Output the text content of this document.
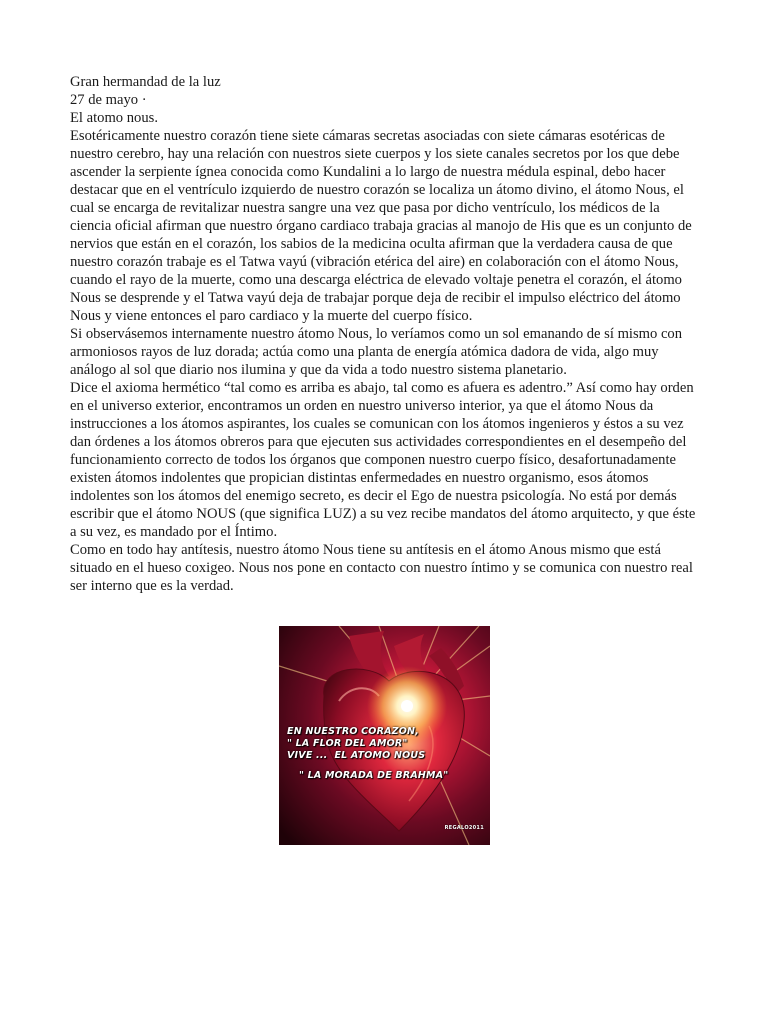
Gran hermandad de la luz

27 de mayo ·

El atomo nous.

Esotéricamente nuestro corazón tiene siete cámaras secretas asociadas con siete cámaras esotéricas de nuestro cerebro, hay una relación con nuestros siete cuerpos y los siete canales secretos por los que debe ascender la serpiente ígnea conocida como Kundalini a lo largo de nuestra médula espinal, debo hacer destacar que en el ventrículo izquierdo de nuestro corazón se localiza un átomo divino, el átomo Nous, el cual se encarga de revitalizar nuestra sangre una vez que pasa por dicho ventrículo, los médicos de la ciencia oficial afirman que nuestro órgano cardiaco trabaja gracias al manojo de His que es un conjunto de nervios que están en el corazón, los sabios de la medicina oculta afirman que la verdadera causa de que nuestro corazón trabaje es el Tatwa vayú (vibración etérica del aire) en colaboración con el átomo Nous, cuando el rayo de la muerte, como una descarga eléctrica de elevado voltaje penetra el corazón, el átomo Nous se desprende y el Tatwa vayú deja de trabajar porque deja de recibir el impulso eléctrico del átomo Nous y viene entonces el paro cardiaco y la muerte del cuerpo físico.

Si observásemos internamente nuestro átomo Nous, lo veríamos como un sol emanando de sí mismo con armoniosos rayos de luz dorada; actúa como una planta de energía atómica dadora de vida, algo muy análogo al sol que diario nos ilumina y que da vida a todo nuestro sistema planetario.

Dice el axioma hermético “tal como es arriba es abajo, tal como es afuera es adentro.” Así como hay orden en el universo exterior, encontramos un orden en nuestro universo interior, ya que el átomo Nous da instrucciones a los átomos aspirantes, los cuales se comunican con los átomos ingenieros y éstos a su vez dan órdenes a los átomos obreros para que ejecuten sus actividades correspondientes en el desempeño del funcionamiento correcto de todos los órganos que componen nuestro cuerpo físico, desafortunadamente existen átomos indolentes que propician distintas enfermedades en nuestro organismo, esos átomos indolentes son los átomos del enemigo secreto, es decir el Ego de nuestra psicología. No está por demás escribir que el átomo NOUS (que significa LUZ) a su vez recibe mandatos del átomo arquitecto, y que éste a su vez, es mandado por el Íntimo.

Como en todo hay antítesis, nuestro átomo Nous tiene su antítesis en el átomo Anous mismo que está situado en el hueso coxigeo. Nous nos pone en contacto con nuestro íntimo y se comunica con nuestro real ser interno que es la verdad.

EN NUESTRO CORAZON,
" LA FLOR DEL AMOR"
VIVE ...  EL ATOMO NOUS
" LA MORADA DE BRAHMA"
REGALO2011
